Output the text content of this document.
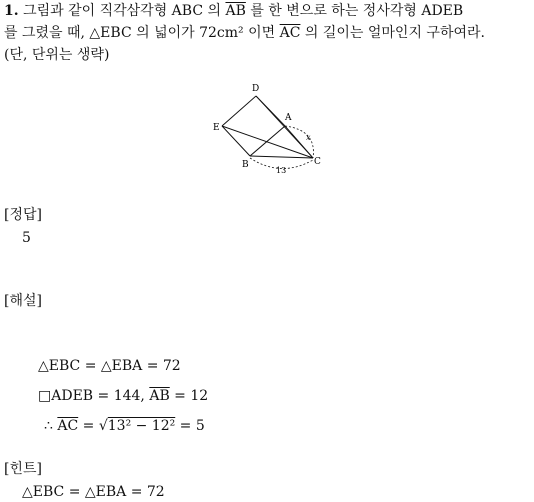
1. 그림과 같이 직각삼각형 ABC 의 $\overline{AB}$ 를 한 변으로 하는 정사각형 ADEB
를 그렸을 때, △EBC 의 넓이가 72cm² 이면 $\overline{AC}$ 의 길이는 얼마인지 구하여라.
(단, 단위는 생략)
D
A
E
B	C
x
13
[정답]
5
[해설]
△EBC = △EBA = 72
□ADEB = 144, $\overline{AB} = 12$
∴ $\overline{AC} = √13^2 - 12^2 = 5$
[힌트]
△EBC = △EBA = 72
